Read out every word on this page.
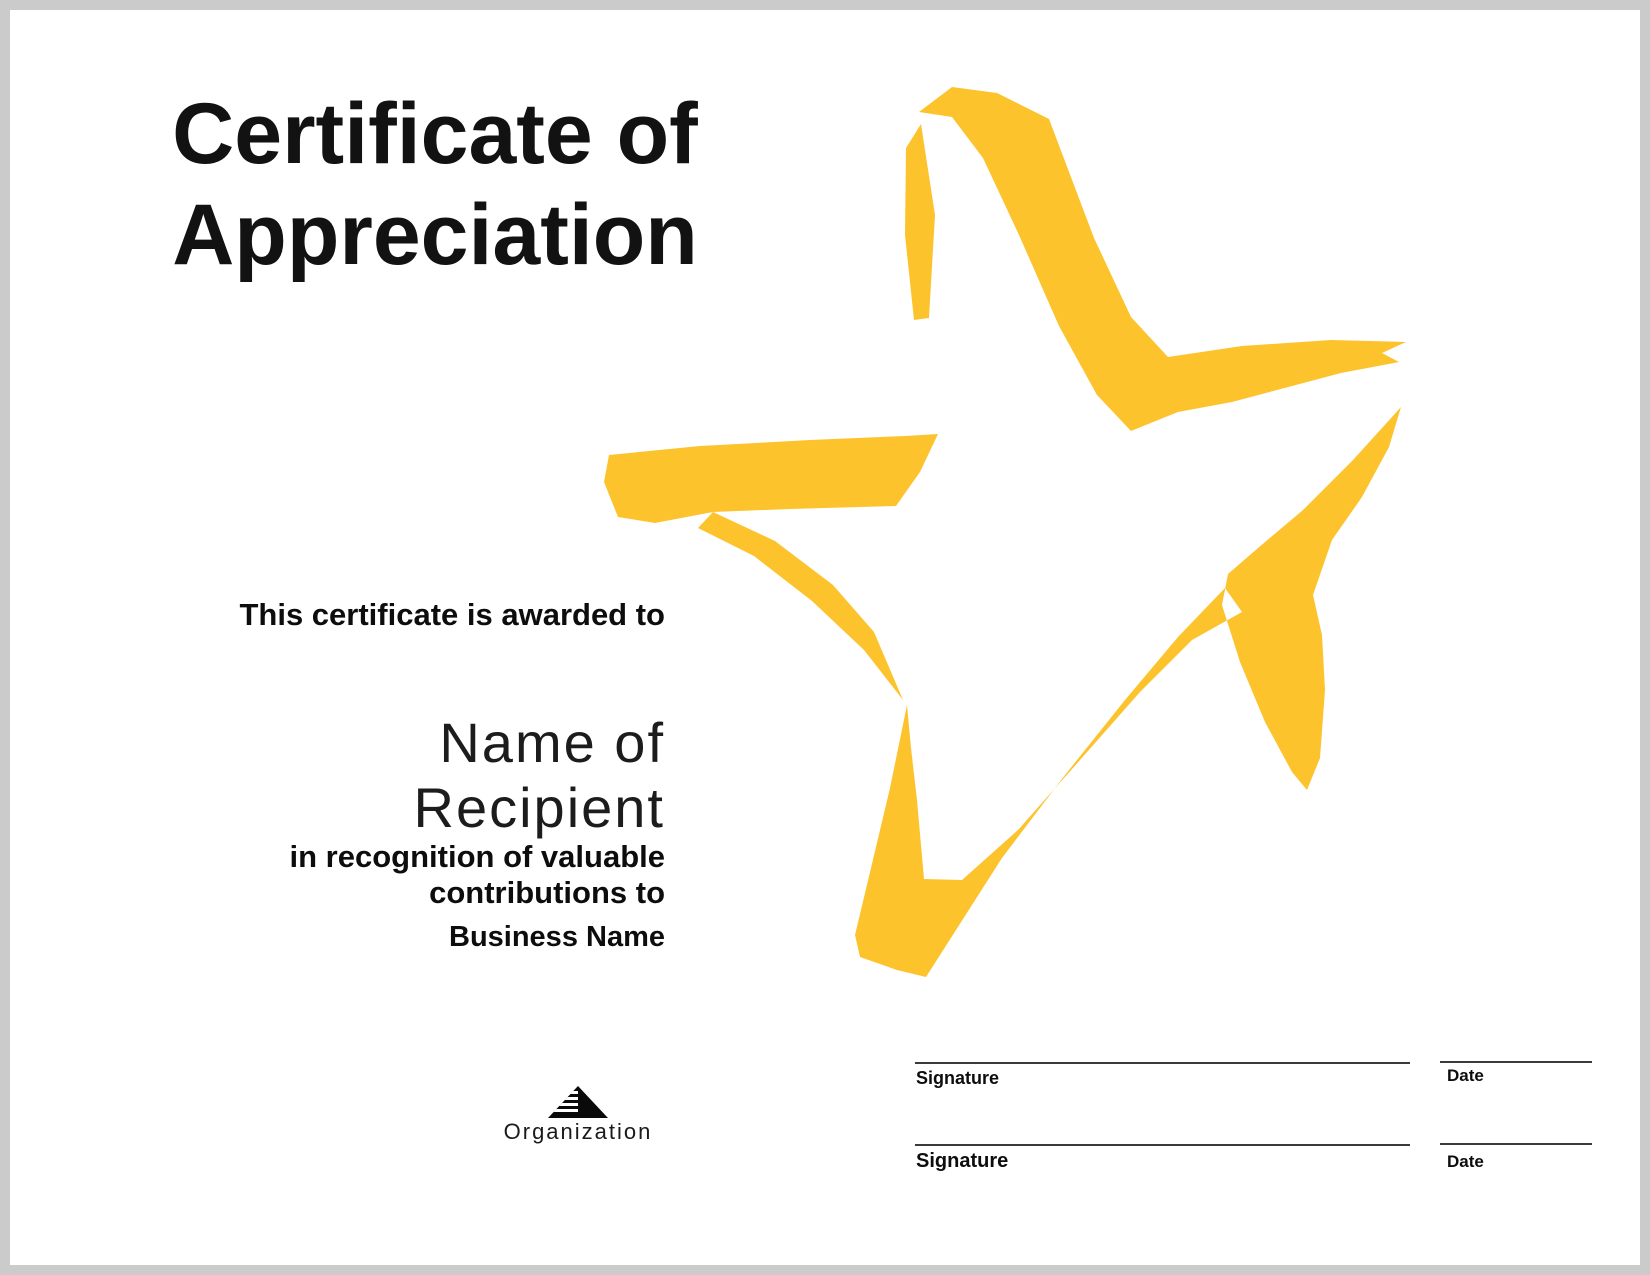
Certificate of
Appreciation
This certificate is awarded to
Name of Recipient
in recognition of valuable contributions to
Business Name
Organization
Signature	Date
Signature	Date
